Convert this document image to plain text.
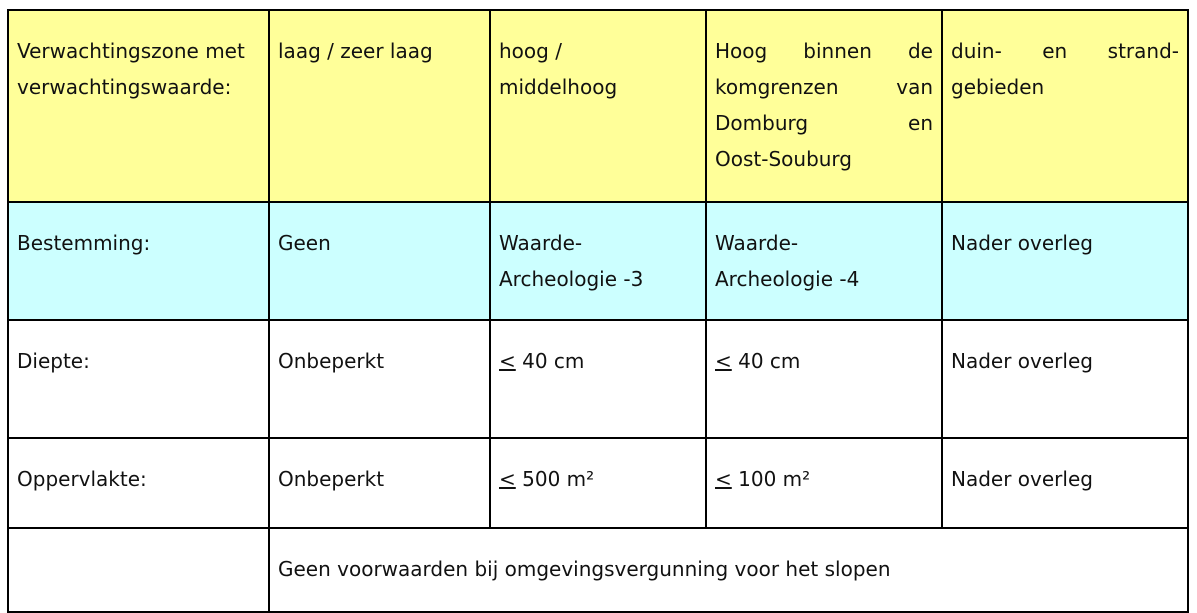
Verwachtingszone met verwachtingswaarde:	laag / zeer laag	hoog / middelhoog	Hoog binnen de
komgrenzen van
Domburg en
Oost-Souburg	duin- en strand-
gebieden

Bestemming:	Geen	Waarde-Archeologie -3	Waarde-Archeologie -4	Nader overleg
Diepte:	Onbeperkt	≤ 40 cm	≤ 40 cm	Nader overleg
Oppervlakte:	Onbeperkt	≤ 500 m²	≤ 100 m²	Nader overleg
	Geen voorwaarden bij omgevingsvergunning voor het slopen			
